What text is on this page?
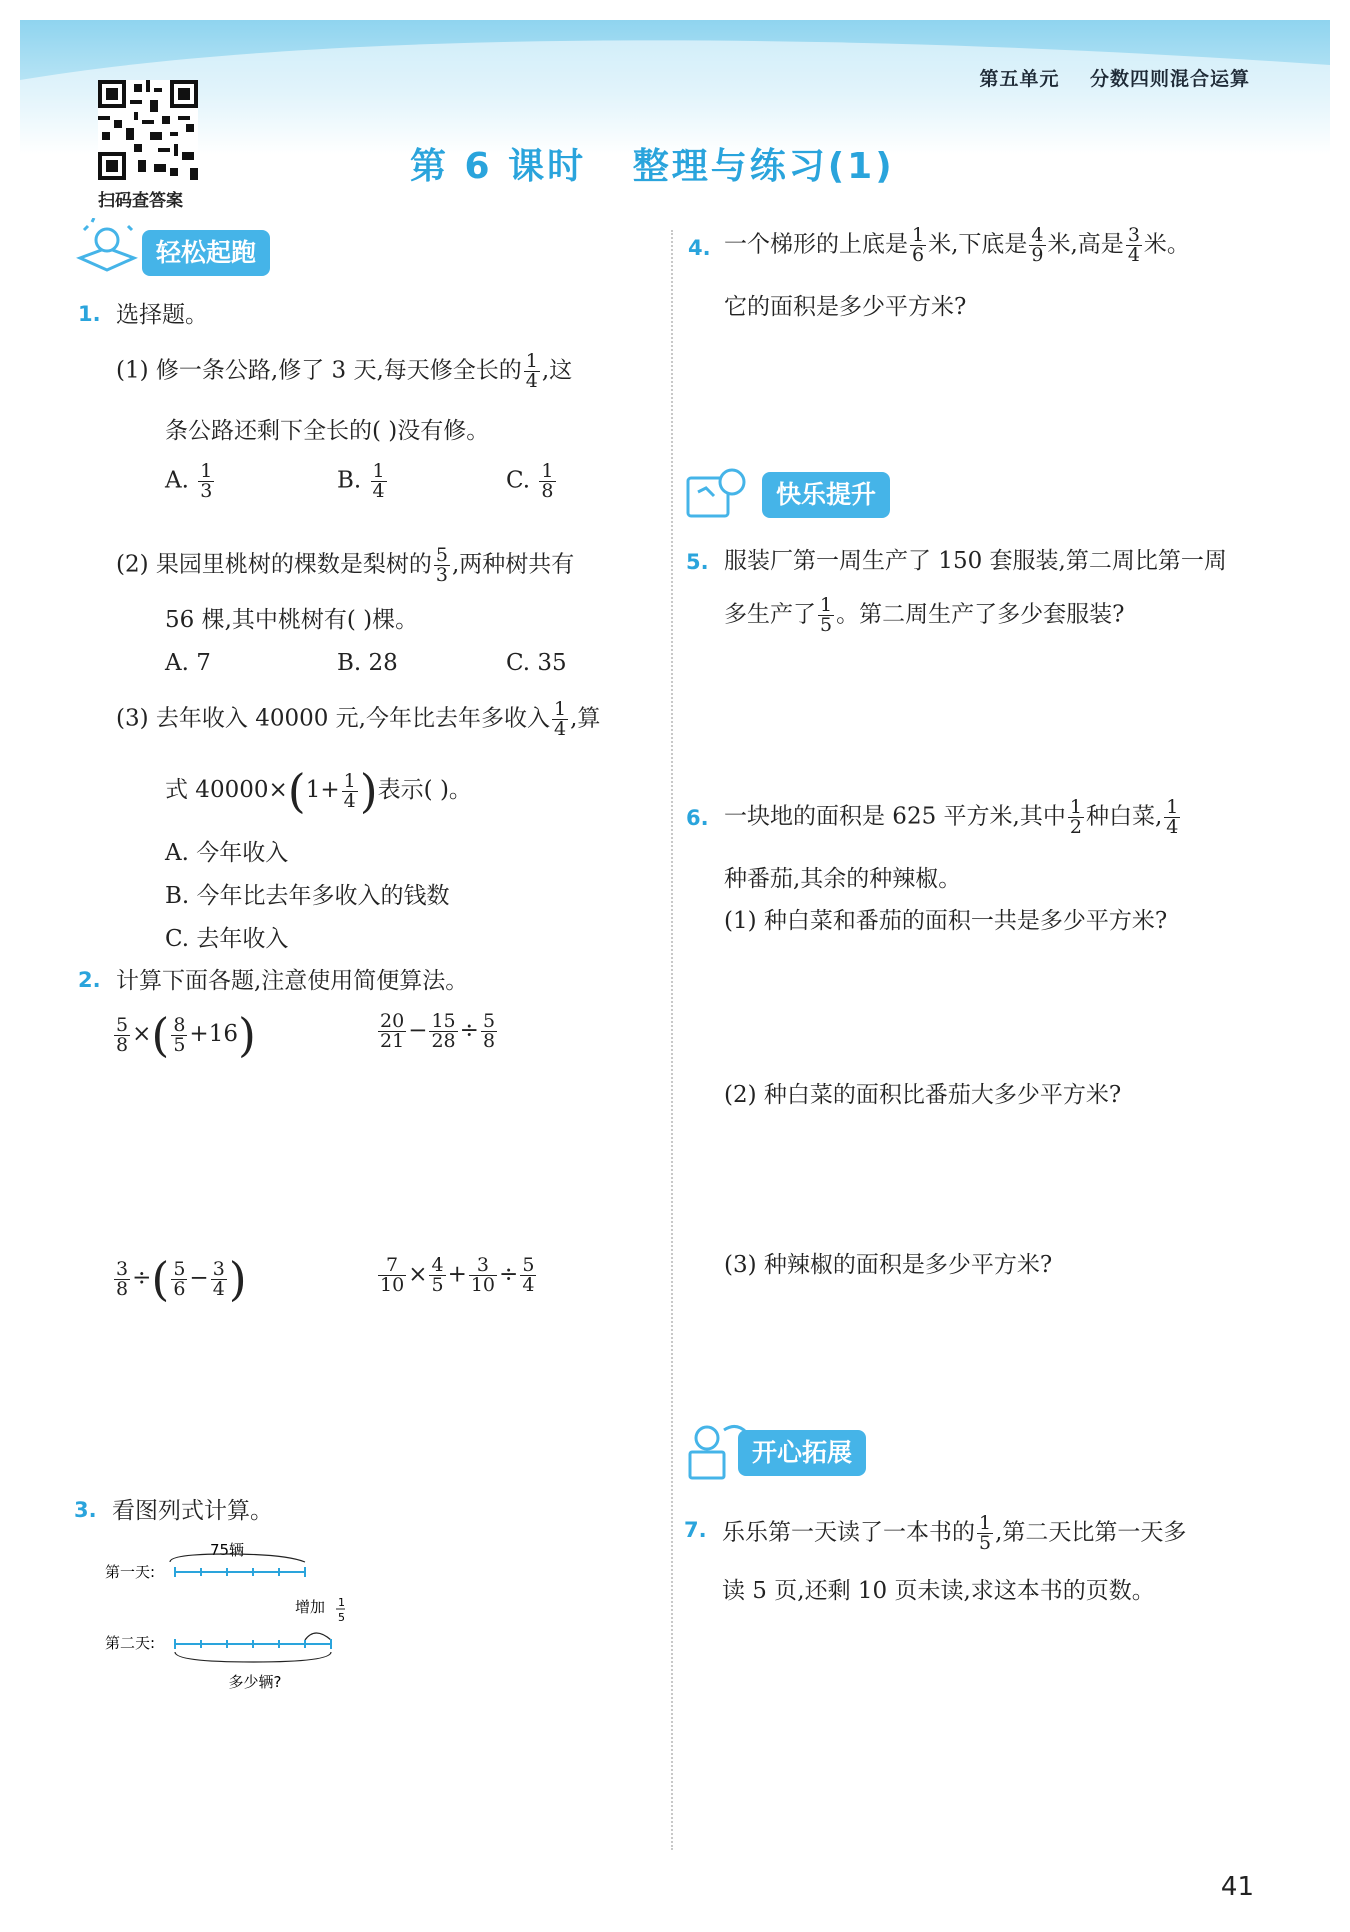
第五单元    分数四则混合运算
扫码查答案
第 6 课时   整理与练习(1)
轻松起跑
1. 选择题。
(1) 修一条公路,修了 3 天,每天修全长的 $\frac{1}{4}$ ,这
条公路还剩下全长的( )没有修。
A. $\frac{1}{3}$	B. $\frac{1}{4}$	C. $\frac{1}{8}$
(2) 果园里桃树的棵数是梨树的 $\frac{5}{3}$ ,两种树共有
56 棵,其中桃树有( )棵。
A. 7	B. 28	C. 35
(3) 去年收入 40000 元,今年比去年多收入 $\frac{1}{4}$ ,算
式 $40000\times(1+ \frac{1}{4}$ )表示( )。
A. 今年收入
B. 今年比去年多收入的钱数
C. 去年收入
2. 计算下面各题,注意使用简便算法。
$\frac{5}{8}$ ×( $\frac{8}{5} +16$)	$\frac{20}{21} - \frac{15}{28} \div \frac{5}{8}$
$\frac{3}{8}$ ÷( $\frac{5}{6} - \frac{3}{4}$ )	$\frac{7}{10} \times \frac{4}{5} + \frac{3}{10} \div \frac{5}{4}$
3. 看图列式计算。
75辆
第一天:
增加 1
5
第二天:
多少辆?
4. 一个梯形的上底是 $\frac{1}{6}$ 米,下底是 $\frac{4}{9}$ 米,高是 $\frac{3}{4}$ 米。
它的面积是多少平方米?
快乐提升
5. 服装厂第一周生产了 150 套服装,第二周比第一周
多生产了 $\frac{1}{5}$ 。第二周生产了多少套服装?
6. 一块地的面积是 625 平方米,其中 $\frac{1}{2}$ 种白菜, $\frac{1}{4}$
种番茄,其余的种辣椒。
(1) 种白菜和番茄的面积一共是多少平方米?
(2) 种白菜的面积比番茄大多少平方米?
(3) 种辣椒的面积是多少平方米?
开心拓展
7. 乐乐第一天读了一本书的 $\frac{1}{5}$ ,第二天比第一天多
读 5 页,还剩 10 页未读,求这本书的页数。
41
